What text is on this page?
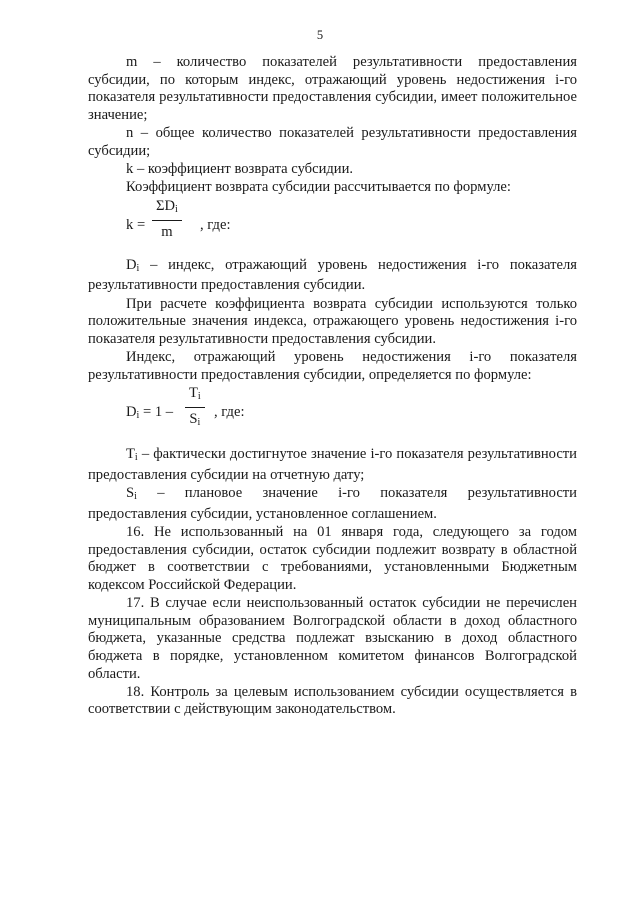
5

m – количество показателей результативности предоставления субсидии, по которым индекс, отражающий уровень недостижения i-го показателя результативности предоставления субсидии, имеет положительное значение;

n – общее количество показателей результативности предоставления субсидии;

k – коэффициент возврата субсидии.

Коэффициент возврата субсидии рассчитывается по формуле:

k =
$\Sigma D_i$
m	, где:

$D_i$ – индекс, отражающий уровень недостижения i-го показателя результативности предоставления субсидии.

При расчете коэффициента возврата субсидии используются только положительные значения индекса, отражающего уровень недостижения i-го показателя результативности предоставления субсидии.

Индекс, отражающий уровень недостижения i-го показателя результативности предоставления субсидии, определяется по формуле:

$D_i = 1 - \frac{T_i}{S_i}$ , где:

$T_i$ – фактически достигнутое значение i-го показателя результативности предоставления субсидии на отчетную дату;

$S_i$ – плановое значение i-го показателя результативности предоставления субсидии, установленное соглашением.

16. Не использованный на 01 января года, следующего за годом предоставления субсидии, остаток субсидии подлежит возврату в областной бюджет в соответствии с требованиями, установленными Бюджетным кодексом Российской Федерации.

17. В случае если неиспользованный остаток субсидии не перечислен муниципальным образованием Волгоградской области в доход областного бюджета, указанные средства подлежат взысканию в доход областного бюджета в порядке, установленном комитетом финансов Волгоградской области.

18. Контроль за целевым использованием субсидии осуществляется в соответствии с действующим законодательством.
